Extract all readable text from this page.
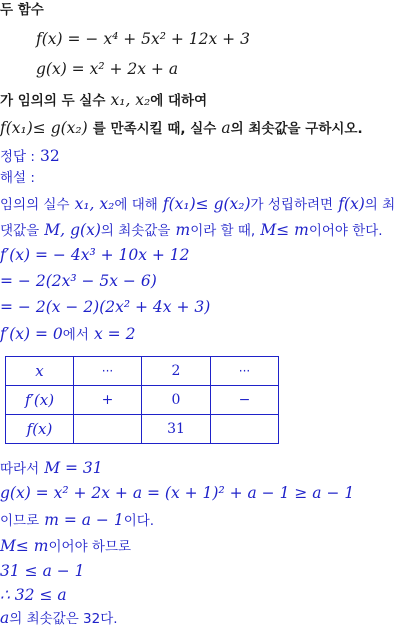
두 함수
f(x) = − x⁴ + 5x² + 12x + 3
g(x) = x² + 2x + a
가 임의의 두 실수 x₁, x₂에 대하여
f(x₁)≤ g(x₂) 를 만족시킬 때, 실수 a의 최솟값을 구하시오.
정답 : 32
해설 :
임의의 실수 x₁, x₂에 대해 f(x₁)≤ g(x₂)가 성립하려면 f(x)의 최
댓값을 M, g(x)의 최솟값을 m이라 할 때, M≤ m이어야 한다.
f′(x) = − 4x³ + 10x + 12
= − 2(2x³ − 5x − 6)
= − 2(x − 2)(2x² + 4x + 3)
f′(x) = 0에서 x = 2
x	···	2	···
f′(x)	+	0	−
f(x)		31	
따라서 M = 31
g(x) = x² + 2x + a = (x + 1)² + a − 1 ≥ a − 1
이므로 m = a − 1이다.
M≤ m이어야 하므로
31 ≤ a − 1
∴ 32 ≤ a
a의 최솟값은 32다.
